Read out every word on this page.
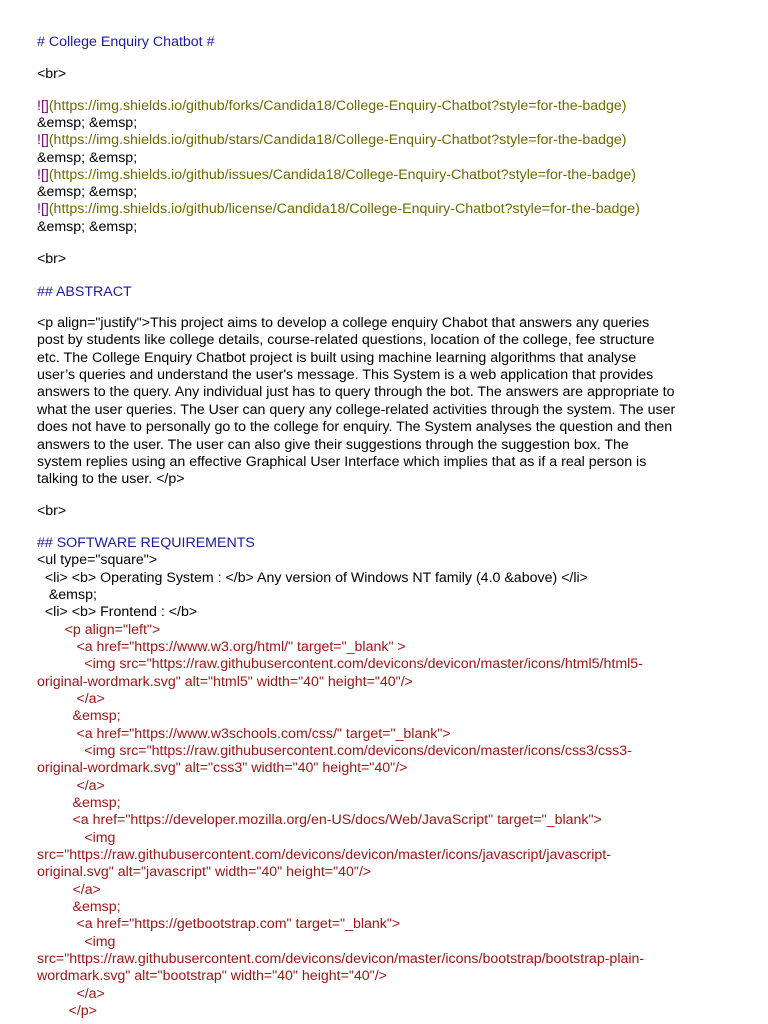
# College Enquiry Chatbot #
<br>
![](https://img.shields.io/github/forks/Candida18/College-Enquiry-Chatbot?style=for-the-badge)
&emsp; &emsp;
![](https://img.shields.io/github/stars/Candida18/College-Enquiry-Chatbot?style=for-the-badge)
&emsp; &emsp;
![](https://img.shields.io/github/issues/Candida18/College-Enquiry-Chatbot?style=for-the-badge)
&emsp; &emsp;
![](https://img.shields.io/github/license/Candida18/College-Enquiry-Chatbot?style=for-the-badge)
&emsp; &emsp;
<br>
## ABSTRACT
<p align="justify">This project aims to develop a college enquiry Chabot that answers any queries
post by students like college details, course-related questions, location of the college, fee structure
etc. The College Enquiry Chatbot project is built using machine learning algorithms that analyse
user’s queries and understand the user's message. This System is a web application that provides
answers to the query. Any individual just has to query through the bot. The answers are appropriate to
what the user queries. The User can query any college-related activities through the system. The user
does not have to personally go to the college for enquiry. The System analyses the question and then
answers to the user. The user can also give their suggestions through the suggestion box. The
system replies using an effective Graphical User Interface which implies that as if a real person is
talking to the user. </p>
<br>
## SOFTWARE REQUIREMENTS
<ul type="square">
<li> <b> Operating System : </b> Any version of Windows NT family (4.0 &above) </li>
&emsp;
<li> <b> Frontend : </b>
<p align="left">
<a href="https://www.w3.org/html/" target="_blank" >
<img src="https://raw.githubusercontent.com/devicons/devicon/master/icons/html5/html5-
original-wordmark.svg" alt="html5" width="40" height="40"/>
</a>
&emsp;
<a href="https://www.w3schools.com/css/" target="_blank">
<img src="https://raw.githubusercontent.com/devicons/devicon/master/icons/css3/css3-
original-wordmark.svg" alt="css3" width="40" height="40"/>
</a>
&emsp;
<a href="https://developer.mozilla.org/en-US/docs/Web/JavaScript" target="_blank">
<img
src="https://raw.githubusercontent.com/devicons/devicon/master/icons/javascript/javascript-
original.svg" alt="javascript" width="40" height="40"/>
</a>
&emsp;
<a href="https://getbootstrap.com" target="_blank">
<img
src="https://raw.githubusercontent.com/devicons/devicon/master/icons/bootstrap/bootstrap-plain-
wordmark.svg" alt="bootstrap" width="40" height="40"/>
</a>
</p>
